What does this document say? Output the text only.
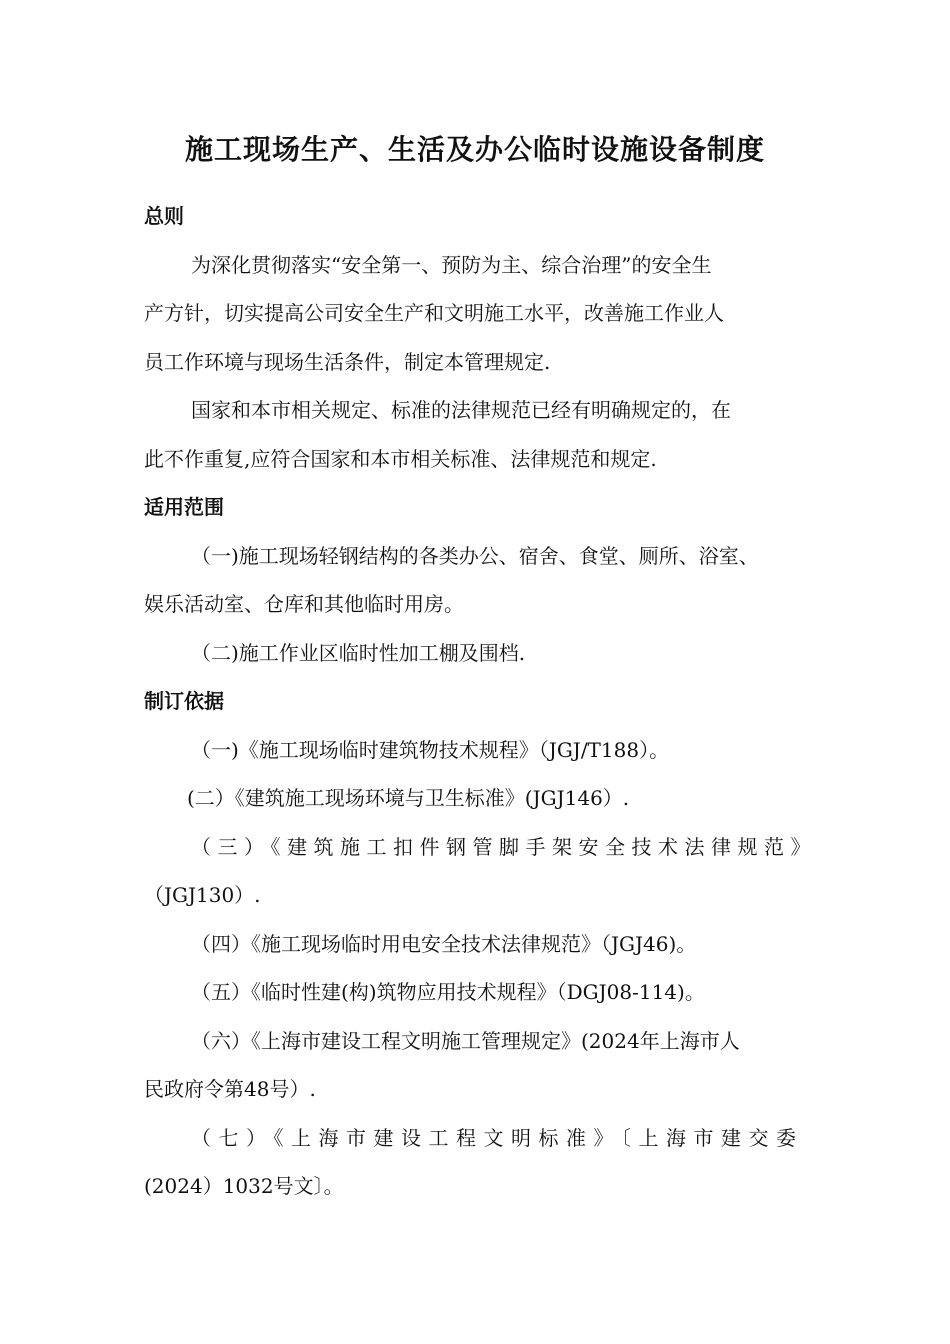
施工现场生产、生活及办公临时设施设备制度
总则
为深化贯彻落实“安全第一、预防为主、综合治理”的安全生
产方针，切实提高公司安全生产和文明施工水平，改善施工作业人
员工作环境与现场生活条件，制定本管理规定.
国家和本市相关规定、标准的法律规范已经有明确规定的，在
此不作重复,应符合国家和本市相关标准、法律规范和规定.
适用范围
（一)施工现场轻钢结构的各类办公、宿舍、食堂、厕所、浴室、
娱乐活动室、仓库和其他临时用房。
（二)施工作业区临时性加工棚及围档.
制订依据
（一)《施工现场临时建筑物技术规程》（JGJ/T188）。
(二）《建筑施工现场环境与卫生标准》(JGJ146）.
（三）《建筑施工扣件钢管脚手架安全技术法律规范》
（JGJ130）.
（四）《施工现场临时用电安全技术法律规范》（JGJ46)。
（五）《临时性建(构)筑物应用技术规程》（DGJ08-114)。
（六）《上海市建设工程文明施工管理规定》(2024年上海市人
民政府令第48号）.
（七）《上海市建设工程文明标准》〔上海市建交委
(2024）1032号文〕。
